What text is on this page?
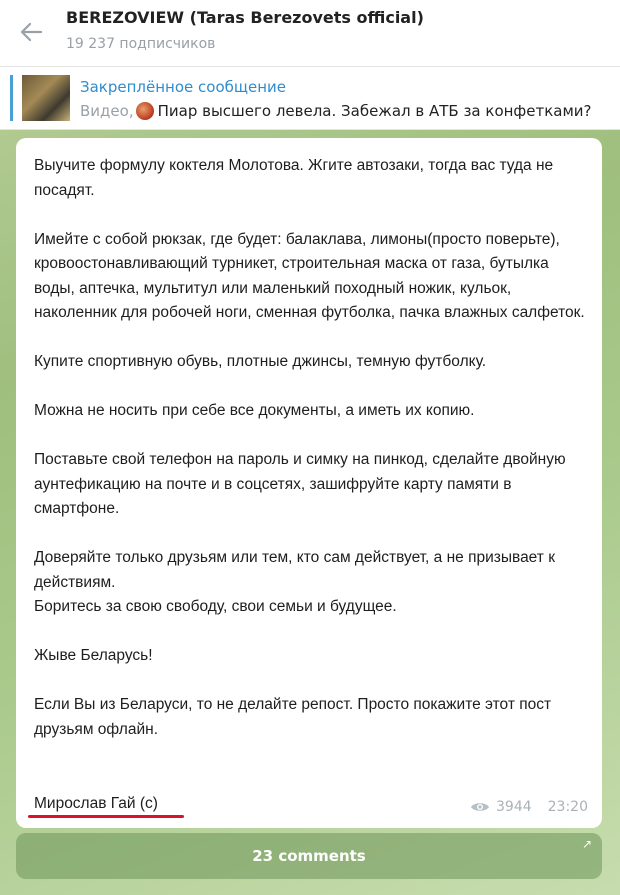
BEREZOVIEW (Taras Berezovets official)
19 237 подписчиков
Закреплённое сообщение
Видео, Пиар высшего левела. Забежал в АТБ за конфетками?

Выучите формулу коктеля Молотова. Жгите автозаки, тогда вас туда не посадят.

Имейте с собой рюкзак, где будет: балаклава, лимоны(просто поверьте), кровоостонавливающий турникет, строительная маска от газа, бутылка воды, аптечка, мультитул или маленький походный ножик, кульок, наколенник для робочей ноги, сменная футболка, пачка влажных салфеток.

Купите спортивную обувь, плотные джинсы, темную футболку.

Можна не носить при себе все документы, а иметь их копию.

Поставьте свой телефон на пароль и симку на пинкод, сделайте двойную аунтефикацию на почте и в соцсетях, зашифруйте карту памяти в смартфоне.

Доверяйте только друзьям или тем, кто сам действует, а не призывает к действиям.
Боритесь за свою свободу, свои семьи и будущее.

Жыве Беларусь!

Если Вы из Беларуси, то не делайте репост. Просто покажите этот пост друзьям офлайн.

Мирослав Гай (с)	3944 23:20
23 comments
↗
